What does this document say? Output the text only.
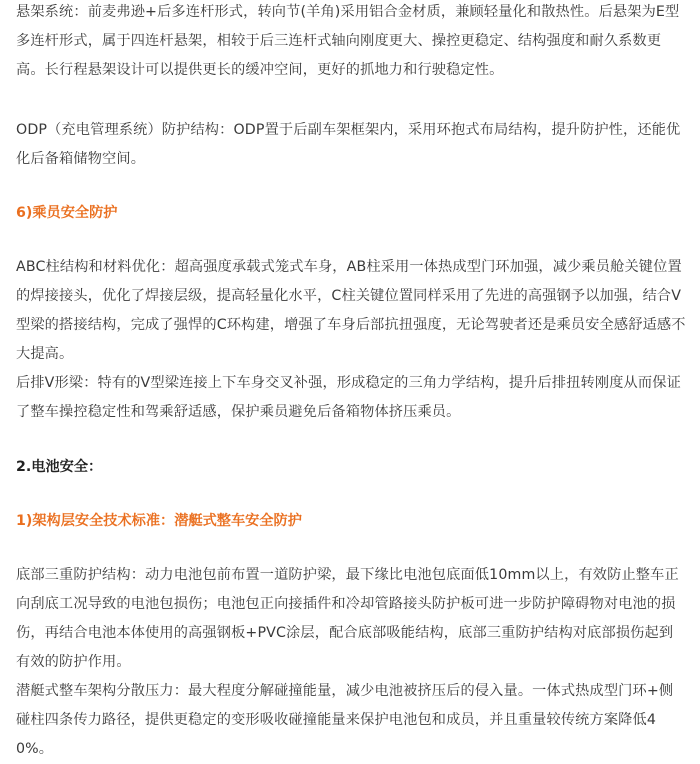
悬架系统：前麦弗逊+后多连杆形式，转向节(羊角)采用铝合金材质，兼顾轻量化和散热性。后悬架为E型多连杆形式，属于四连杆悬架，相较于后三连杆式轴向刚度更大、操控更稳定、结构强度和耐久系数更高。长行程悬架设计可以提供更长的缓冲空间，更好的抓地力和行驶稳定性。

ODP（充电管理系统）防护结构：ODP置于后副车架框架内，采用环抱式布局结构，提升防护性，还能优化后备箱储物空间。

6)乘员安全防护

ABC柱结构和材料优化：超高强度承载式笼式车身，AB柱采用一体热成型门环加强，减少乘员舱关键位置的焊接接头，优化了焊接层级，提高轻量化水平，C柱关键位置同样采用了先进的高强钢予以加强，结合V型梁的搭接结构，完成了强悍的C环构建，增强了车身后部抗扭强度，无论驾驶者还是乘员安全感舒适感不大提高。

后排V形梁：特有的V型梁连接上下车身交叉补强，形成稳定的三角力学结构，提升后排扭转刚度从而保证了整车操控稳定性和驾乘舒适感，保护乘员避免后备箱物体挤压乘员。

2.电池安全：

1)架构层安全技术标准：潜艇式整车安全防护

底部三重防护结构：动力电池包前布置一道防护梁，最下缘比电池包底面低10mm以上，有效防止整车正向刮底工况导致的电池包损伤；电池包正向接插件和冷却管路接头防护板可进一步防护障碍物对电池的损伤，再结合电池本体使用的高强钢板+PVC涂层，配合底部吸能结构，底部三重防护结构对底部损伤起到有效的防护作用。

潜艇式整车架构分散压力：最大程度分解碰撞能量，减少电池被挤压后的侵入量。一体式热成型门环+侧碰柱四条传力路径，提供更稳定的变形吸收碰撞能量来保护电池包和成员，并且重量较传统方案降低40%。
